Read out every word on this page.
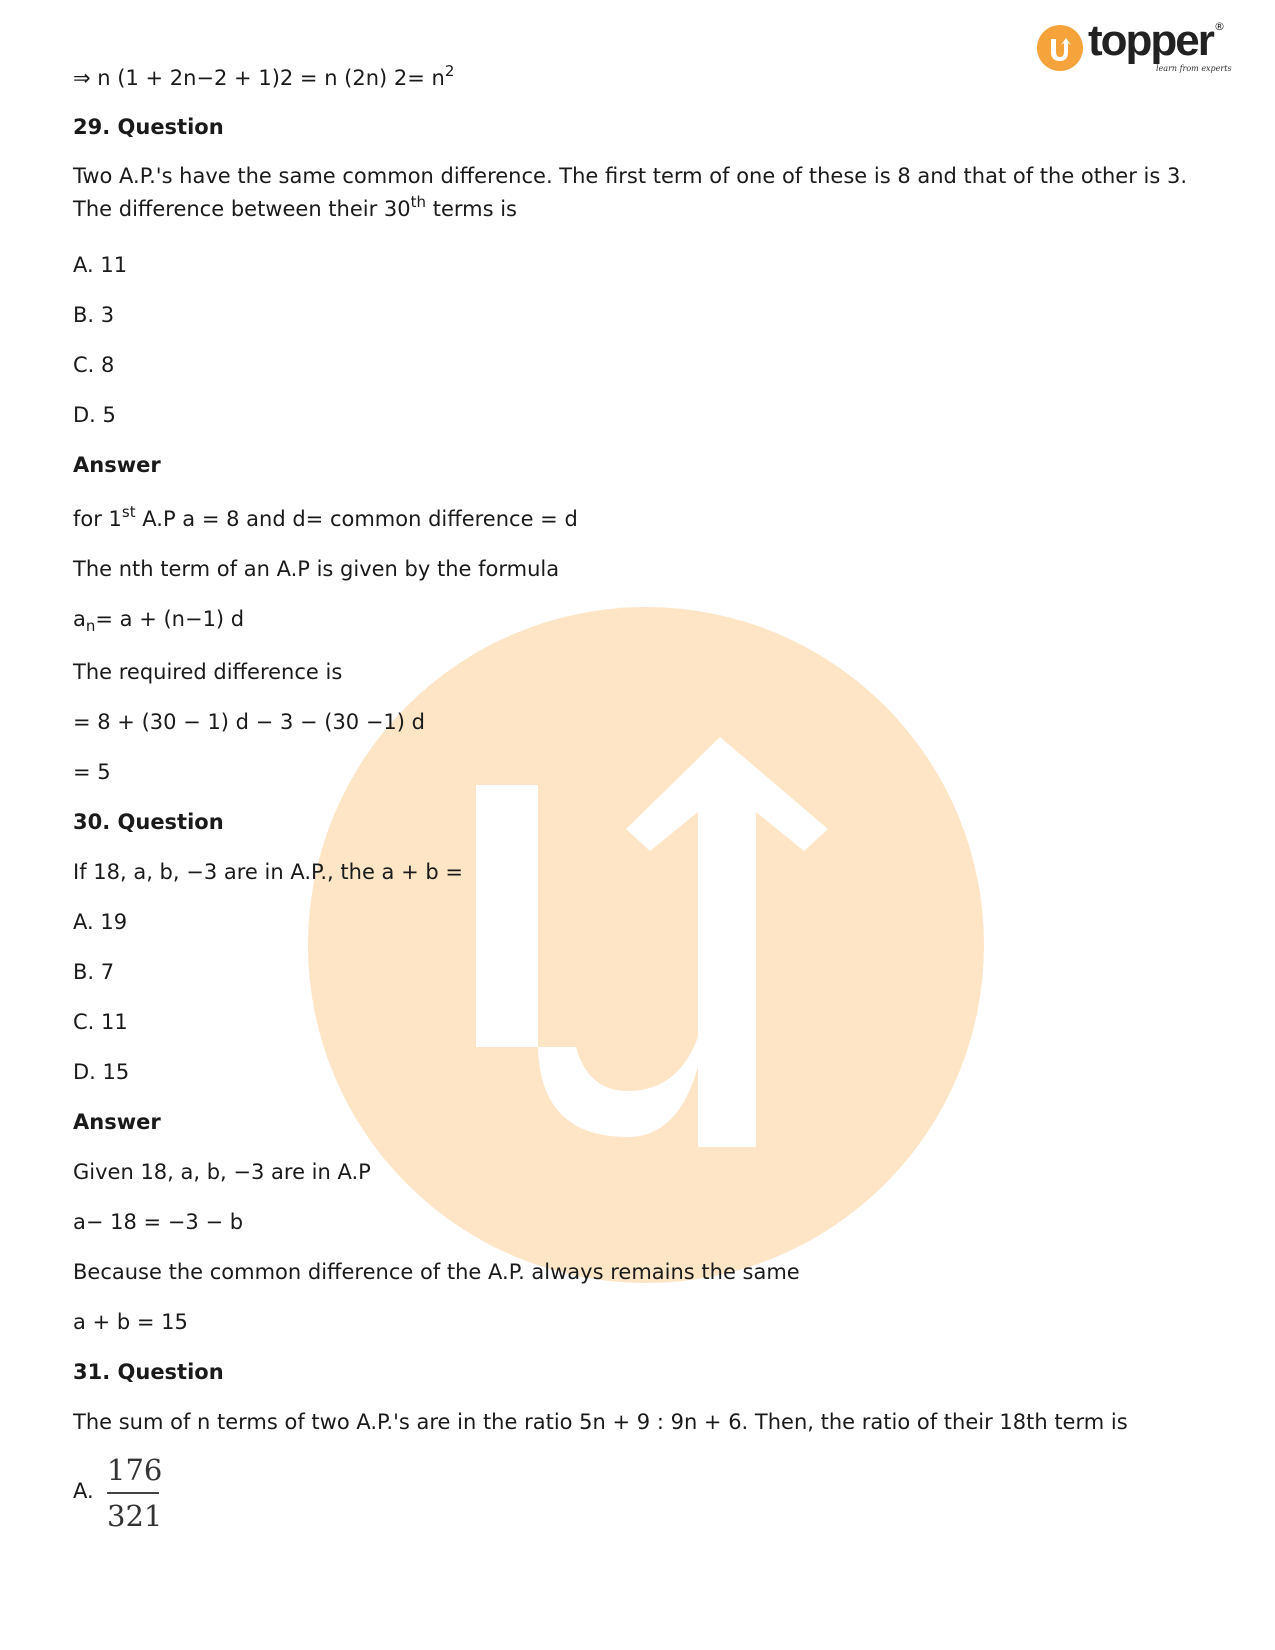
topper ®
learn from experts
⇒ n (1 + 2n−2 + 1)2 = n (2n) $2= n^2$
29. Question
Two A.P.'s have the same common difference. The first term of one of these is 8 and that of the other is 3. The difference between their 30th terms is
A. 11
B. 3
C. 8
D. 5
Answer
for 1st A.P a = 8 and d= common difference = d
The nth term of an A.P is given by the formula
$a_n= a + (n-1)$ d
The required difference is
= 8 + (30 − 1) d − 3 − (30 −1) d
= 5
30. Question
If 18, a, b, −3 are in A.P., the a + b =
A. 19
B. 7
C. 11
D. 15
Answer
Given 18, a, b, −3 are in A.P
a− 18 = −3 − b
Because the common difference of the A.P. always remains the same
a + b = 15
31. Question
The sum of n terms of two A.P.'s are in the ratio 5n + 9 : 9n + 6. Then, the ratio of their 18th term is
A.
176
321
